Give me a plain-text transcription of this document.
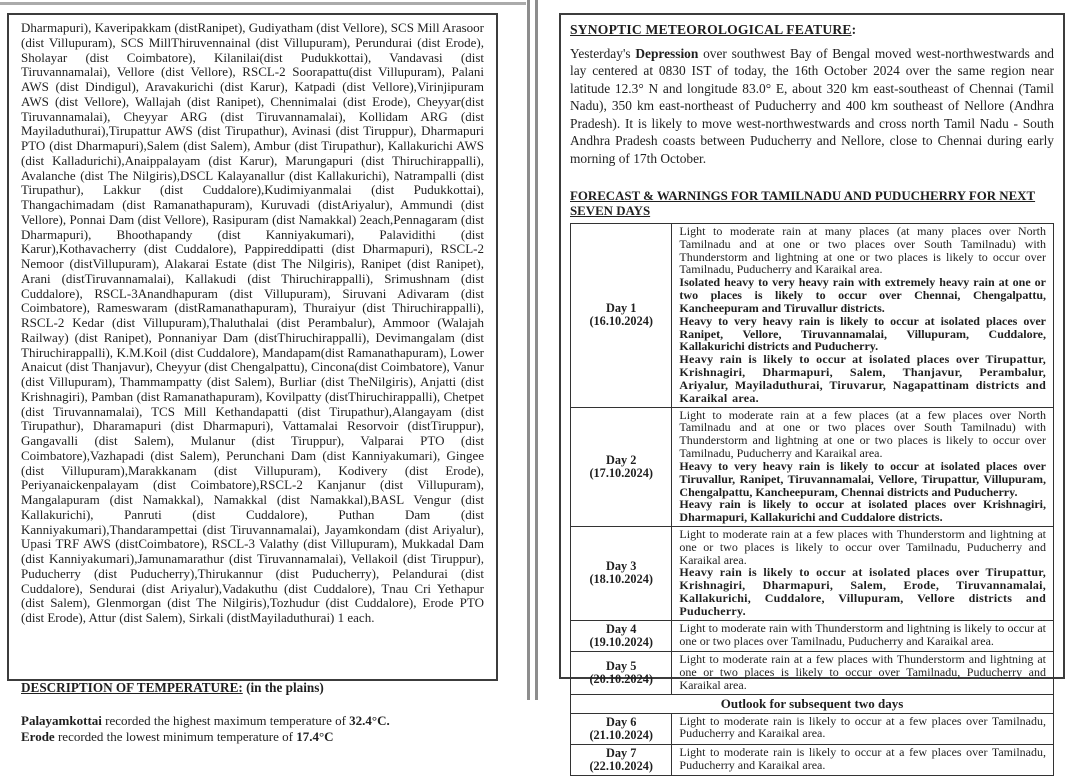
Dharmapuri), Kaveripakkam (distRanipet), Gudiyatham (dist Vellore), SCS Mill Arasoor (dist Villupuram), SCS MillThiruvennainal (dist Villupuram), Perundurai (dist Erode), Sholayar (dist Coimbatore), Kilanilai(dist Pudukkottai), Vandavasi (dist Tiruvannamalai), Vellore (dist Vellore), RSCL-2 Soorapattu(dist Villupuram), Palani AWS (dist Dindigul), Aravakurichi (dist Karur), Katpadi (dist Vellore),Virinjipuram AWS (dist Vellore), Wallajah (dist Ranipet), Chennimalai (dist Erode), Cheyyar(dist Tiruvannamalai), Cheyyar ARG (dist Tiruvannamalai), Kollidam ARG (dist Mayiladuthurai),Tirupattur AWS (dist Tirupathur), Avinasi (dist Tiruppur), Dharmapuri PTO (dist Dharmapuri),Salem (dist Salem), Ambur (dist Tirupathur), Kallakurichi AWS (dist Kalladurichi),Anaippalayam (dist Karur), Marungapuri (dist Thiruchirappalli), Avalanche (dist The Nilgiris),DSCL Kalayanallur (dist Kallakurichi), Natrampalli (dist Tirupathur), Lakkur (dist Cuddalore),Kudimiyanmalai (dist Pudukkottai), Thangachimadam (dist Ramanathapuram), Kuruvadi (distAriyalur), Ammundi (dist Vellore), Ponnai Dam (dist Vellore), Rasipuram (dist Namakkal) 2each,Pennagaram (dist Dharmapuri), Bhoothapandy (dist Kanniyakumari), Palavidithi (dist Karur),Kothavacherry (dist Cuddalore), Pappireddipatti (dist Dharmapuri), RSCL-2 Nemoor (distVillupuram), Alakarai Estate (dist The Nilgiris), Ranipet (dist Ranipet), Arani (distTiruvannamalai), Kallakudi (dist Thiruchirappalli), Srimushnam (dist Cuddalore), RSCL-3Anandhapuram (dist Villupuram), Siruvani Adivaram (dist Coimbatore), Rameswaram (distRamanathapuram), Thuraiyur (dist Thiruchirappalli), RSCL-2 Kedar (dist Villupuram),Thaluthalai (dist Perambalur), Ammoor (Walajah Railway) (dist Ranipet), Ponnaniyar Dam (distThiruchirappalli), Devimangalam (dist Thiruchirappalli), K.M.Koil (dist Cuddalore), Mandapam(dist Ramanathapuram), Lower Anaicut (dist Thanjavur), Cheyyur (dist Chengalpattu), Cincona(dist Coimbatore), Vanur (dist Villupuram), Thammampatty (dist Salem), Burliar (dist TheNilgiris), Anjatti (dist Krishnagiri), Pamban (dist Ramanathapuram), Kovilpatty (distThiruchirappalli), Chetpet (dist Tiruvannamalai), TCS Mill Kethandapatti (dist Tirupathur),Alangayam (dist Tirupathur), Dharamapuri (dist Dharmapuri), Vattamalai Resorvoir (distTiruppur), Gangavalli (dist Salem), Mulanur (dist Tiruppur), Valparai PTO (dist Coimbatore),Vazhapadi (dist Salem), Perunchani Dam (dist Kanniyakumari), Gingee (dist Villupuram),Marakkanam (dist Villupuram), Kodivery (dist Erode), Periyanaickenpalayam (dist Coimbatore),RSCL-2 Kanjanur (dist Villupuram), Mangalapuram (dist Namakkal), Namakkal (dist Namakkal),BASL Vengur (dist Kallakurichi), Panruti (dist Cuddalore), Puthan Dam (dist Kanniyakumari),Thandarampettai (dist Tiruvannamalai), Jayamkondam (dist Ariyalur), Upasi TRF AWS (distCoimbatore), RSCL-3 Valathy (dist Villupuram), Mukkadal Dam (dist Kanniyakumari),Jamunamarathur (dist Tiruvannamalai), Vellakoil (dist Tiruppur), Puducherry (dist Puducherry),Thirukannur (dist Puducherry), Pelandurai (dist Cuddalore), Sendurai (dist Ariyalur),Vadakuthu (dist Cuddalore), Tnau Cri Yethapur (dist Salem), Glenmorgan (dist The Nilgiris),Tozhudur (dist Cuddalore), Erode PTO (dist Erode), Attur (dist Salem), Sirkali (distMayiladuthurai) 1 each.

DESCRIPTION OF TEMPERATURE: (in the plains)

Palayamkottai recorded the highest maximum temperature of 32.4°C.

Erode recorded the lowest minimum temperature of 17.4°C

SYNOPTIC METEOROLOGICAL FEATURE:

Yesterday's Depression over southwest Bay of Bengal moved west-northwestwards and lay centered at 0830 IST of today, the 16th October 2024 over the same region near latitude 12.3° N and longitude 83.0° E, about 320 km east-southeast of Chennai (Tamil Nadu), 350 km east-northeast of Puducherry and 400 km southeast of Nellore (Andhra Pradesh). It is likely to move west-northwestwards and cross north Tamil Nadu - South Andhra Pradesh coasts between Puducherry and Nellore, close to Chennai during early morning of 17th October.

FORECAST & WARNINGS FOR TAMILNADU AND PUDUCHERRY FOR NEXT SEVEN DAYS
Day 1 (16.10.2024)	Light to moderate rain at many places (at many places over North Tamilnadu and at one or two places over South Tamilnadu) with Thunderstorm and lightning at one or two places is likely to occur over Tamilnadu, Puducherry and Karaikal area.
Isolated heavy to very heavy rain with extremely heavy rain at one or two places is likely to occur over Chennai, Chengalpattu, Kancheepuram and Tiruvallur districts.
Heavy to very heavy rain is likely to occur at isolated places over Ranipet, Vellore, Tiruvannamalai, Villupuram, Cuddalore, Kallakurichi districts and Puducherry.
Heavy rain is likely to occur at isolated places over Tirupattur, Krishnagiri, Dharmapuri, Salem, Thanjavur, Perambalur, Ariyalur, Mayiladuthurai, Tiruvarur, Nagapattinam districts and Karaikal area.

Day 2 (17.10.2024)	Light to moderate rain at a few places (at a few places over North Tamilnadu and at one or two places over South Tamilnadu) with Thunderstorm and lightning at one or two places is likely to occur over Tamilnadu, Puducherry and Karaikal area.
Heavy to very heavy rain is likely to occur at isolated places over Tiruvallur, Ranipet, Tiruvannamalai, Vellore, Tirupattur, Villupuram, Chengalpattu, Kancheepuram, Chennai districts and Puducherry.
Heavy rain is likely to occur at isolated places over Krishnagiri, Dharmapuri, Kallakurichi and Cuddalore districts.

Day 3 (18.10.2024)	Light to moderate rain at a few places with Thunderstorm and lightning at one or two places is likely to occur over Tamilnadu, Puducherry and Karaikal area.
Heavy rain is likely to occur at isolated places over Tirupattur, Krishnagiri, Dharmapuri, Salem, Erode, Tiruvannamalai, Kallakurichi, Cuddalore, Villupuram, Vellore districts and Puducherry.

Day 4 (19.10.2024)	Light to moderate rain with Thunderstorm and lightning is likely to occur at one or two places over Tamilnadu, Puducherry and Karaikal area.

Day 5 (20.10.2024)	Light to moderate rain at a few places with Thunderstorm and lightning at one or two places is likely to occur over Tamilnadu, Puducherry and Karaikal area.

Outlook for subsequent two days	
Day 6 (21.10.2024)	Light to moderate rain is likely to occur at a few places over Tamilnadu, Puducherry and Karaikal area.

Day 7 (22.10.2024)	Light to moderate rain is likely to occur at a few places over Tamilnadu, Puducherry and Karaikal area.
